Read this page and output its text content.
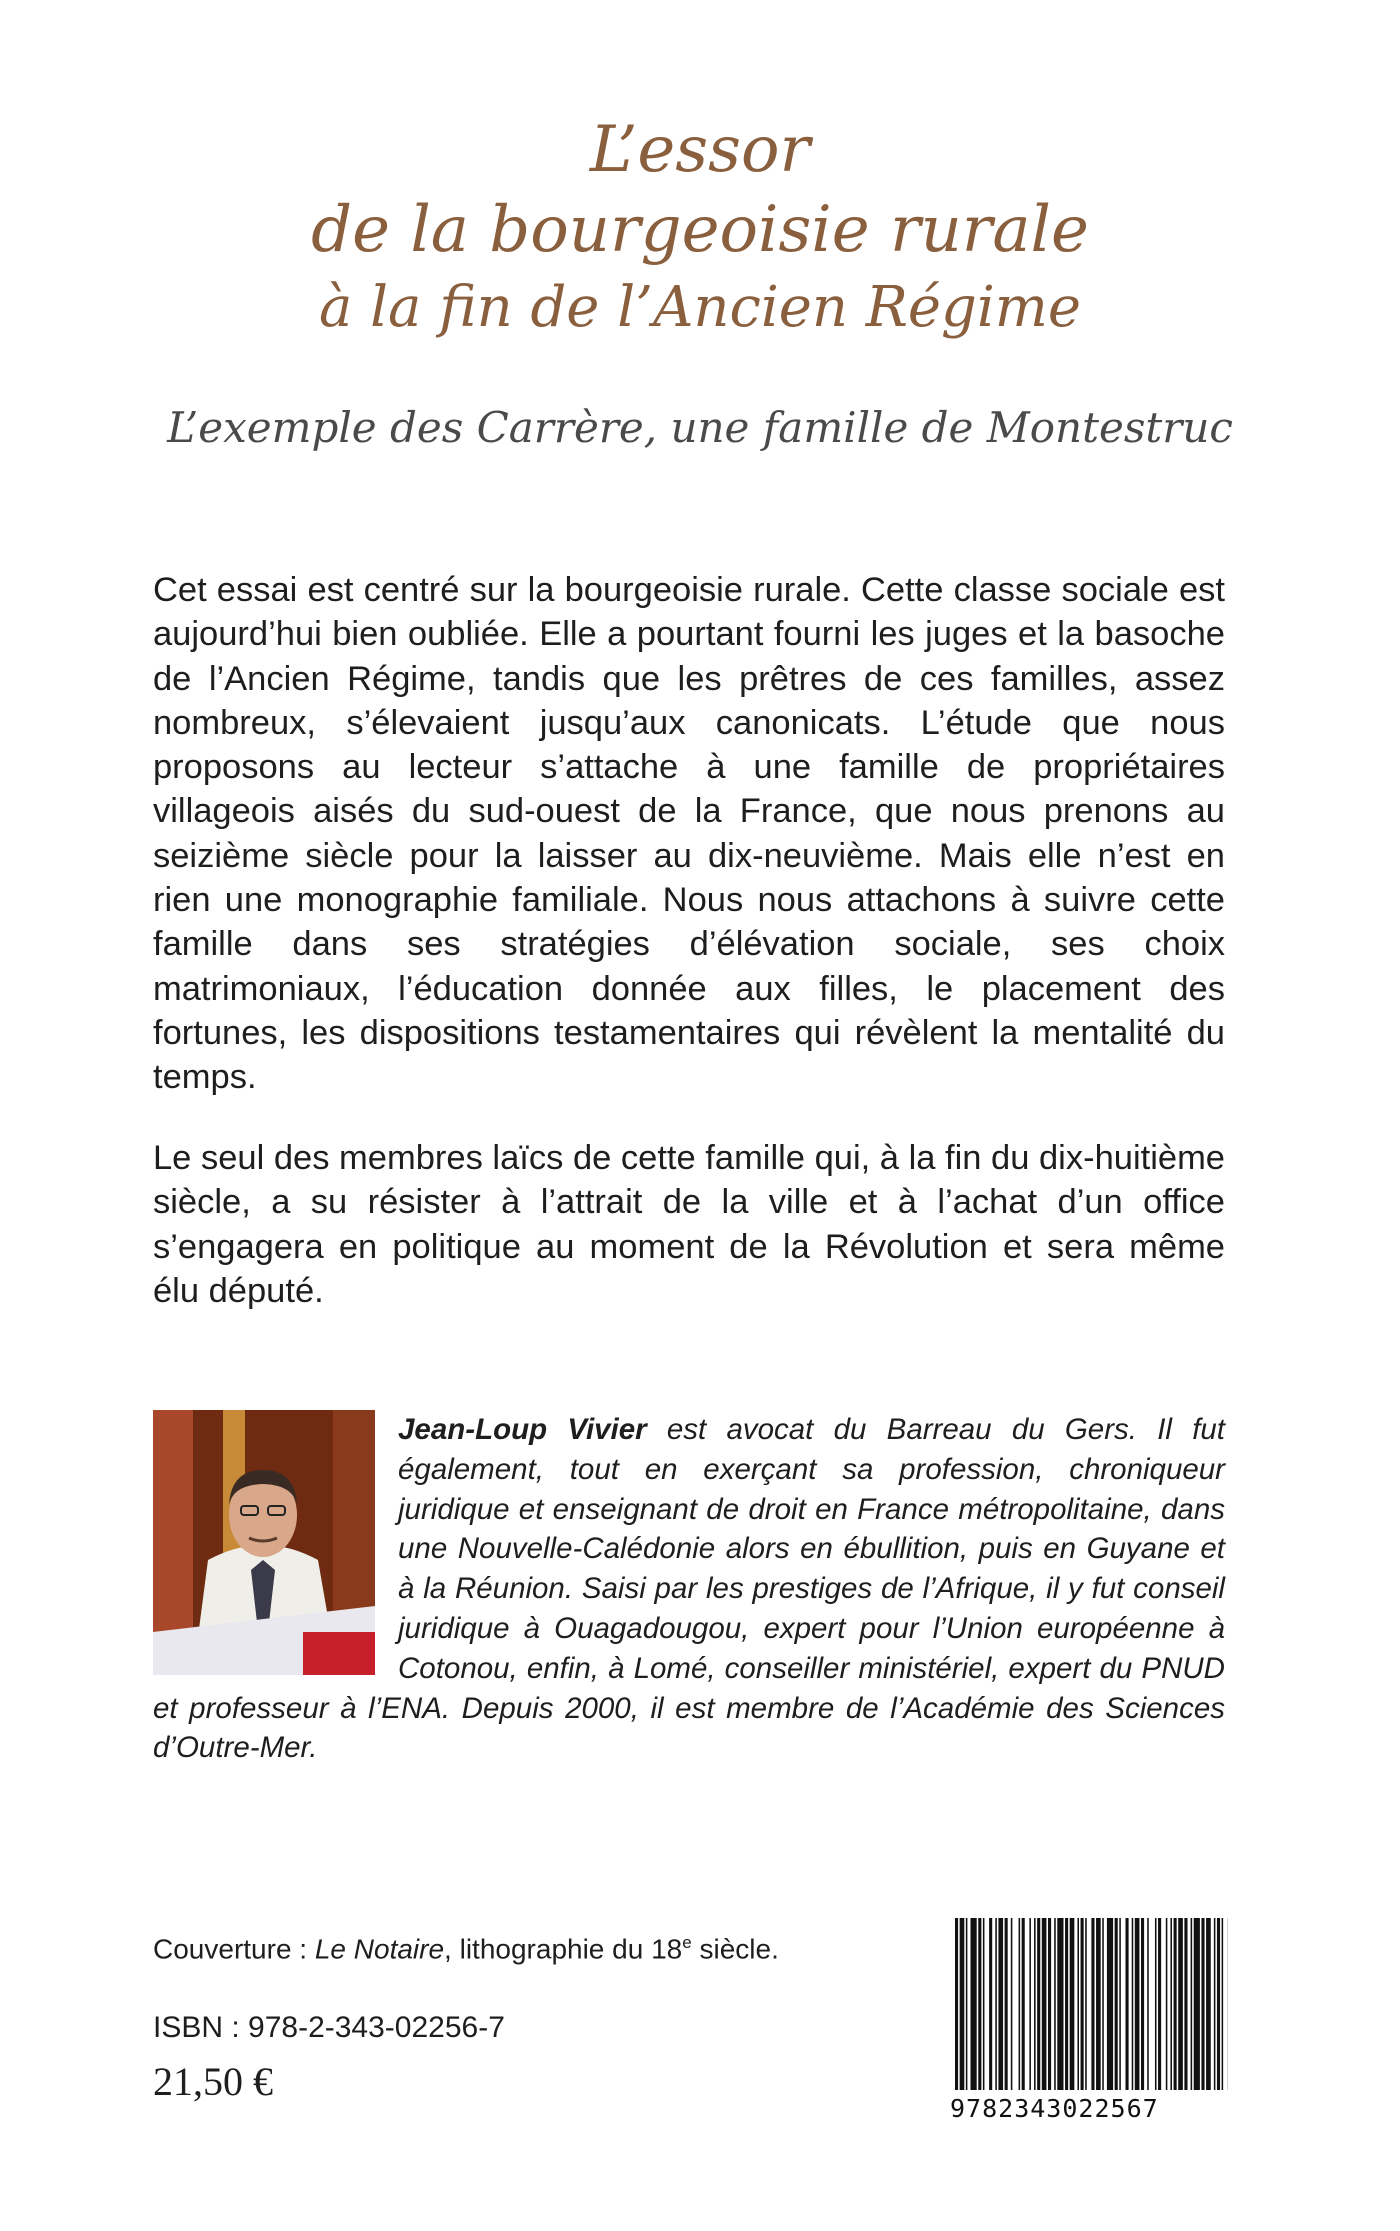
L’essor
de la bourgeoisie rurale
à la fin de l’Ancien Régime
L’exemple des Carrère, une famille de Montestruc
Cet essai est centré sur la bourgeoisie rurale. Cette classe sociale est aujourd’hui bien oubliée. Elle a pourtant fourni les juges et la basoche de l’Ancien Régime, tandis que les prêtres de ces familles, assez nombreux, s’élevaient jusqu’aux canonicats. L’étude que nous proposons au lecteur s’attache à une famille de propriétaires villageois aisés du sud-ouest de la France, que nous prenons au seizième siècle pour la laisser au dix-neuvième. Mais elle n’est en rien une monographie familiale. Nous nous attachons à suivre cette famille dans ses stratégies d’élévation sociale, ses choix matrimoniaux, l’éducation donnée aux filles, le placement des fortunes, les dispositions testamentaires qui révèlent la mentalité du temps.
Le seul des membres laïcs de cette famille qui, à la fin du dix-huitième siècle, a su résister à l’attrait de la ville et à l’achat d’un office s’engagera en politique au moment de la Révolution et sera même élu député.
Jean-Loup Vivier est avocat du Barreau du Gers. Il fut également, tout en exerçant sa profession, chroniqueur juridique et enseignant de droit en France métropolitaine, dans une Nouvelle-Calédonie alors en ébullition, puis en Guyane et à la Réunion. Saisi par les prestiges de l’Afrique, il y fut conseil juridique à Ouagadougou, expert pour l’Union européenne à Cotonou, enfin, à Lomé, conseiller ministériel, expert du PNUD et professeur à l’ENA. Depuis 2000, il est membre de l’Académie des Sciences d’Outre-Mer.
Couverture : Le Notaire, lithographie du 18e siècle.
ISBN : 978-2-343-02256-7
21,50 €
9782343022567
